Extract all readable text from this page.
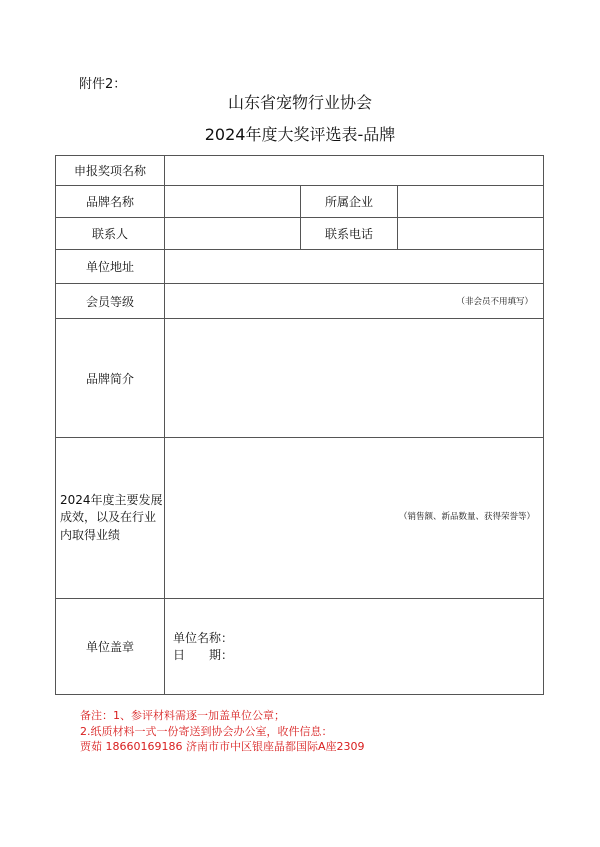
附件2：
山东省宠物行业协会
2024年度大奖评选表-品牌
申报奖项名称			
品牌名称		所属企业	
联系人		联系电话	
单位地址			
会员等级	（非会员不用填写）		
品牌简介			

2024年度主要发展
成效，以及在行业
内取得业绩	（销售额、新品数量、获得荣誉等）		

单位盖章	单位名称：
日　　期：		
备注：1、参评材料需逐一加盖单位公章；
2.纸质材料一式一份寄送到协会办公室，收件信息：
贾茹 18660169186 济南市市中区银座晶都国际A座2309
